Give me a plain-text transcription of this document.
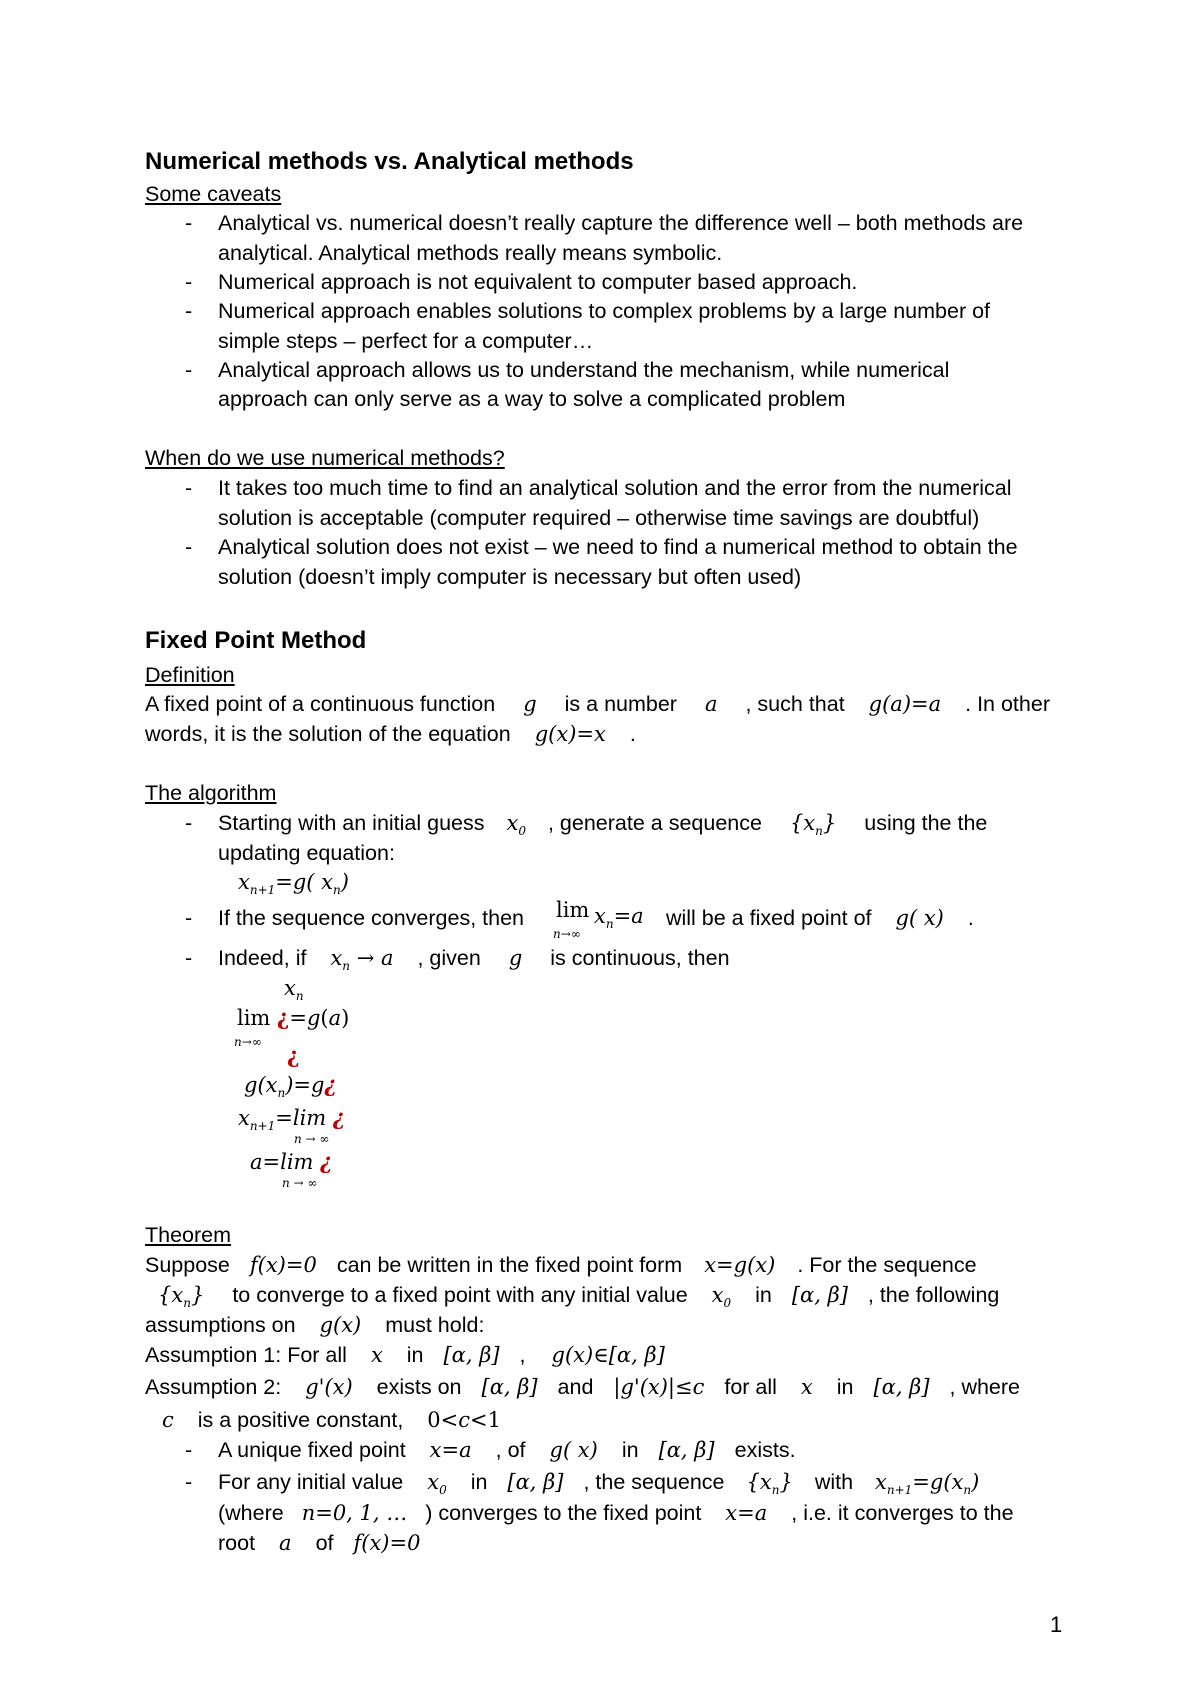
Numerical methods vs. Analytical methods
Some caveats
- Analytical vs. numerical doesn’t really capture the difference well – both methods are
analytical. Analytical methods really means symbolic.
- Numerical approach is not equivalent to computer based approach.
- Numerical approach enables solutions to complex problems by a large number of
simple steps – perfect for a computer…
- Analytical approach allows us to understand the mechanism, while numerical
approach can only serve as a way to solve a complicated problem
When do we use numerical methods?
- It takes too much time to find an analytical solution and the error from the numerical
solution is acceptable (computer required – otherwise time savings are doubtful)
- Analytical solution does not exist – we need to find a numerical method to obtain the
solution (doesn’t imply computer is necessary but often used)
Fixed Point Method
Definition
A fixed point of a continuous function g is a number a , such that g(a)=a . In other
words, it is the solution of the equation g(x)=x .
The algorithm
- Starting with an initial guess $x_0$ , generate a sequence $\{x_n\}$ using the the
updating equation:
$x_{n+1}=g$( $x_n$)
- If the sequence converges, then	will be a fixed point of g( x) .
$\lim x_n=a$
n→∞
- Indeed, if $x_n \to a$ , given g is continuous, then
$x_n$
lim ¿=g(a)
n→∞
¿
$g(x_n)=g¿$
$x_{n+1}=\lim$ ¿
n → ∞
a=lim ¿
n → ∞
Theorem
Suppose f(x)=0 can be written in the fixed point form x=g(x) . For the sequence
$\{x_n\}$ to converge to a fixed point with any initial value $x_0$ in [α, β] , the following
assumptions on g(x) must hold:
Assumption 1: For all x in [α, β] , g(x)∈[α, β]
Assumption 2: g'(x) exists on [α, β] and |g'(x)|≤c for all x in [α, β] , where
c is a positive constant, 0<c<1
- A unique fixed point x=a , of g( x) in [α, β] exists.
- For any initial value $x_0$ in [α, β] , the sequence $\{x_n\}$ with $x_{n+1}=g(x_n)$
(where n=0, 1, … ) converges to the fixed point x=a , i.e. it converges to the
root a of f(x)=0
1
